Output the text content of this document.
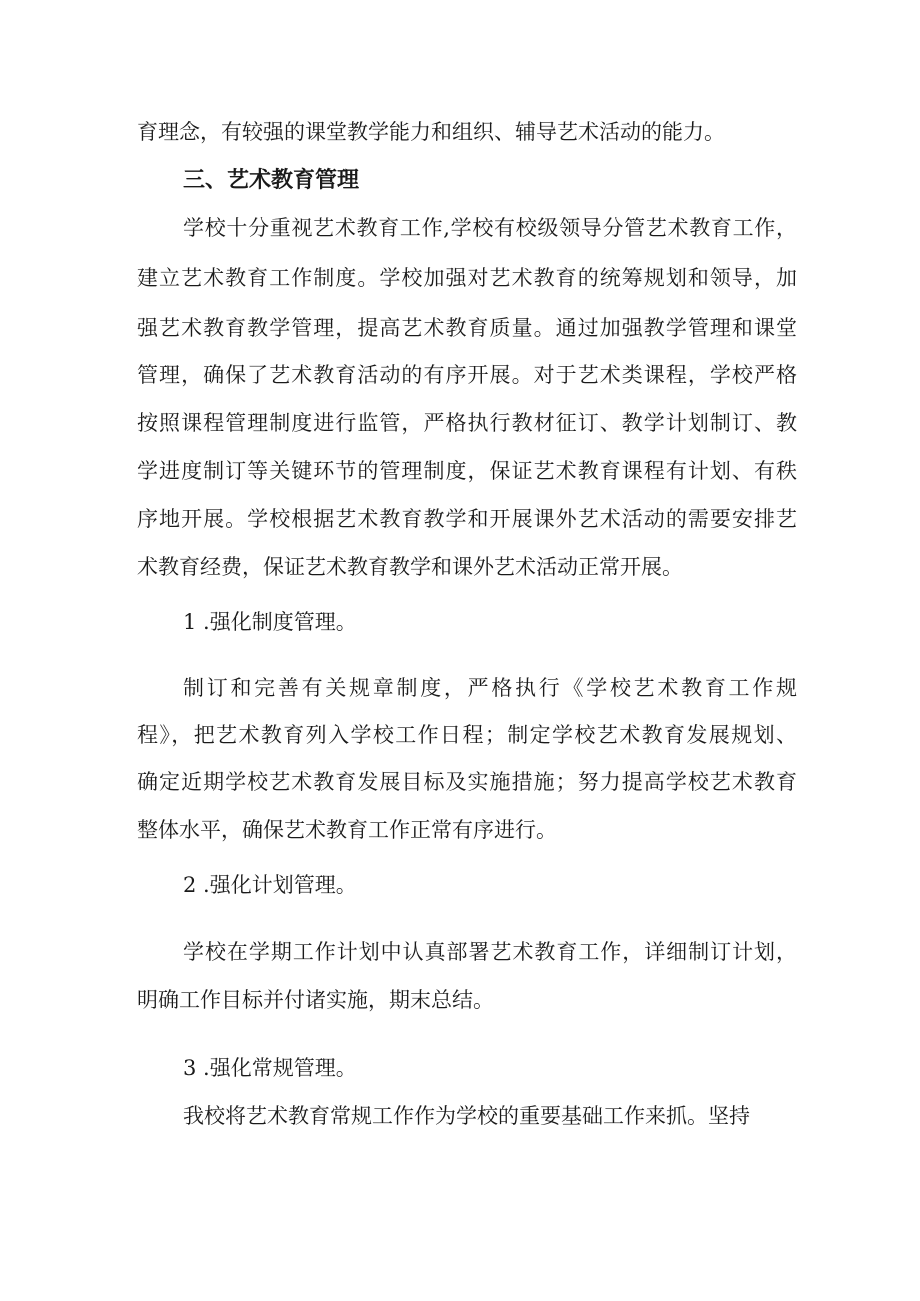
育理念，有较强的课堂教学能力和组织、辅导艺术活动的能力。
三、艺术教育管理
学校十分重视艺术教育工作,学校有校级领导分管艺术教育工作，
建立艺术教育工作制度。学校加强对艺术教育的统筹规划和领导，加
强艺术教育教学管理，提高艺术教育质量。通过加强教学管理和课堂
管理，确保了艺术教育活动的有序开展。对于艺术类课程，学校严格
按照课程管理制度进行监管，严格执行教材征订、教学计划制订、教
学进度制订等关键环节的管理制度，保证艺术教育课程有计划、有秩
序地开展。学校根据艺术教育教学和开展课外艺术活动的需要安排艺
术教育经费，保证艺术教育教学和课外艺术活动正常开展。
1 .强化制度管理。
制订和完善有关规章制度，严格执行《学校艺术教育工作规
程》，把艺术教育列入学校工作日程；制定学校艺术教育发展规划、
确定近期学校艺术教育发展目标及实施措施；努力提高学校艺术教育
整体水平，确保艺术教育工作正常有序进行。
2 .强化计划管理。
学校在学期工作计划中认真部署艺术教育工作，详细制订计划，
明确工作目标并付诸实施，期末总结。
3 .强化常规管理。
我校将艺术教育常规工作作为学校的重要基础工作来抓。坚持
